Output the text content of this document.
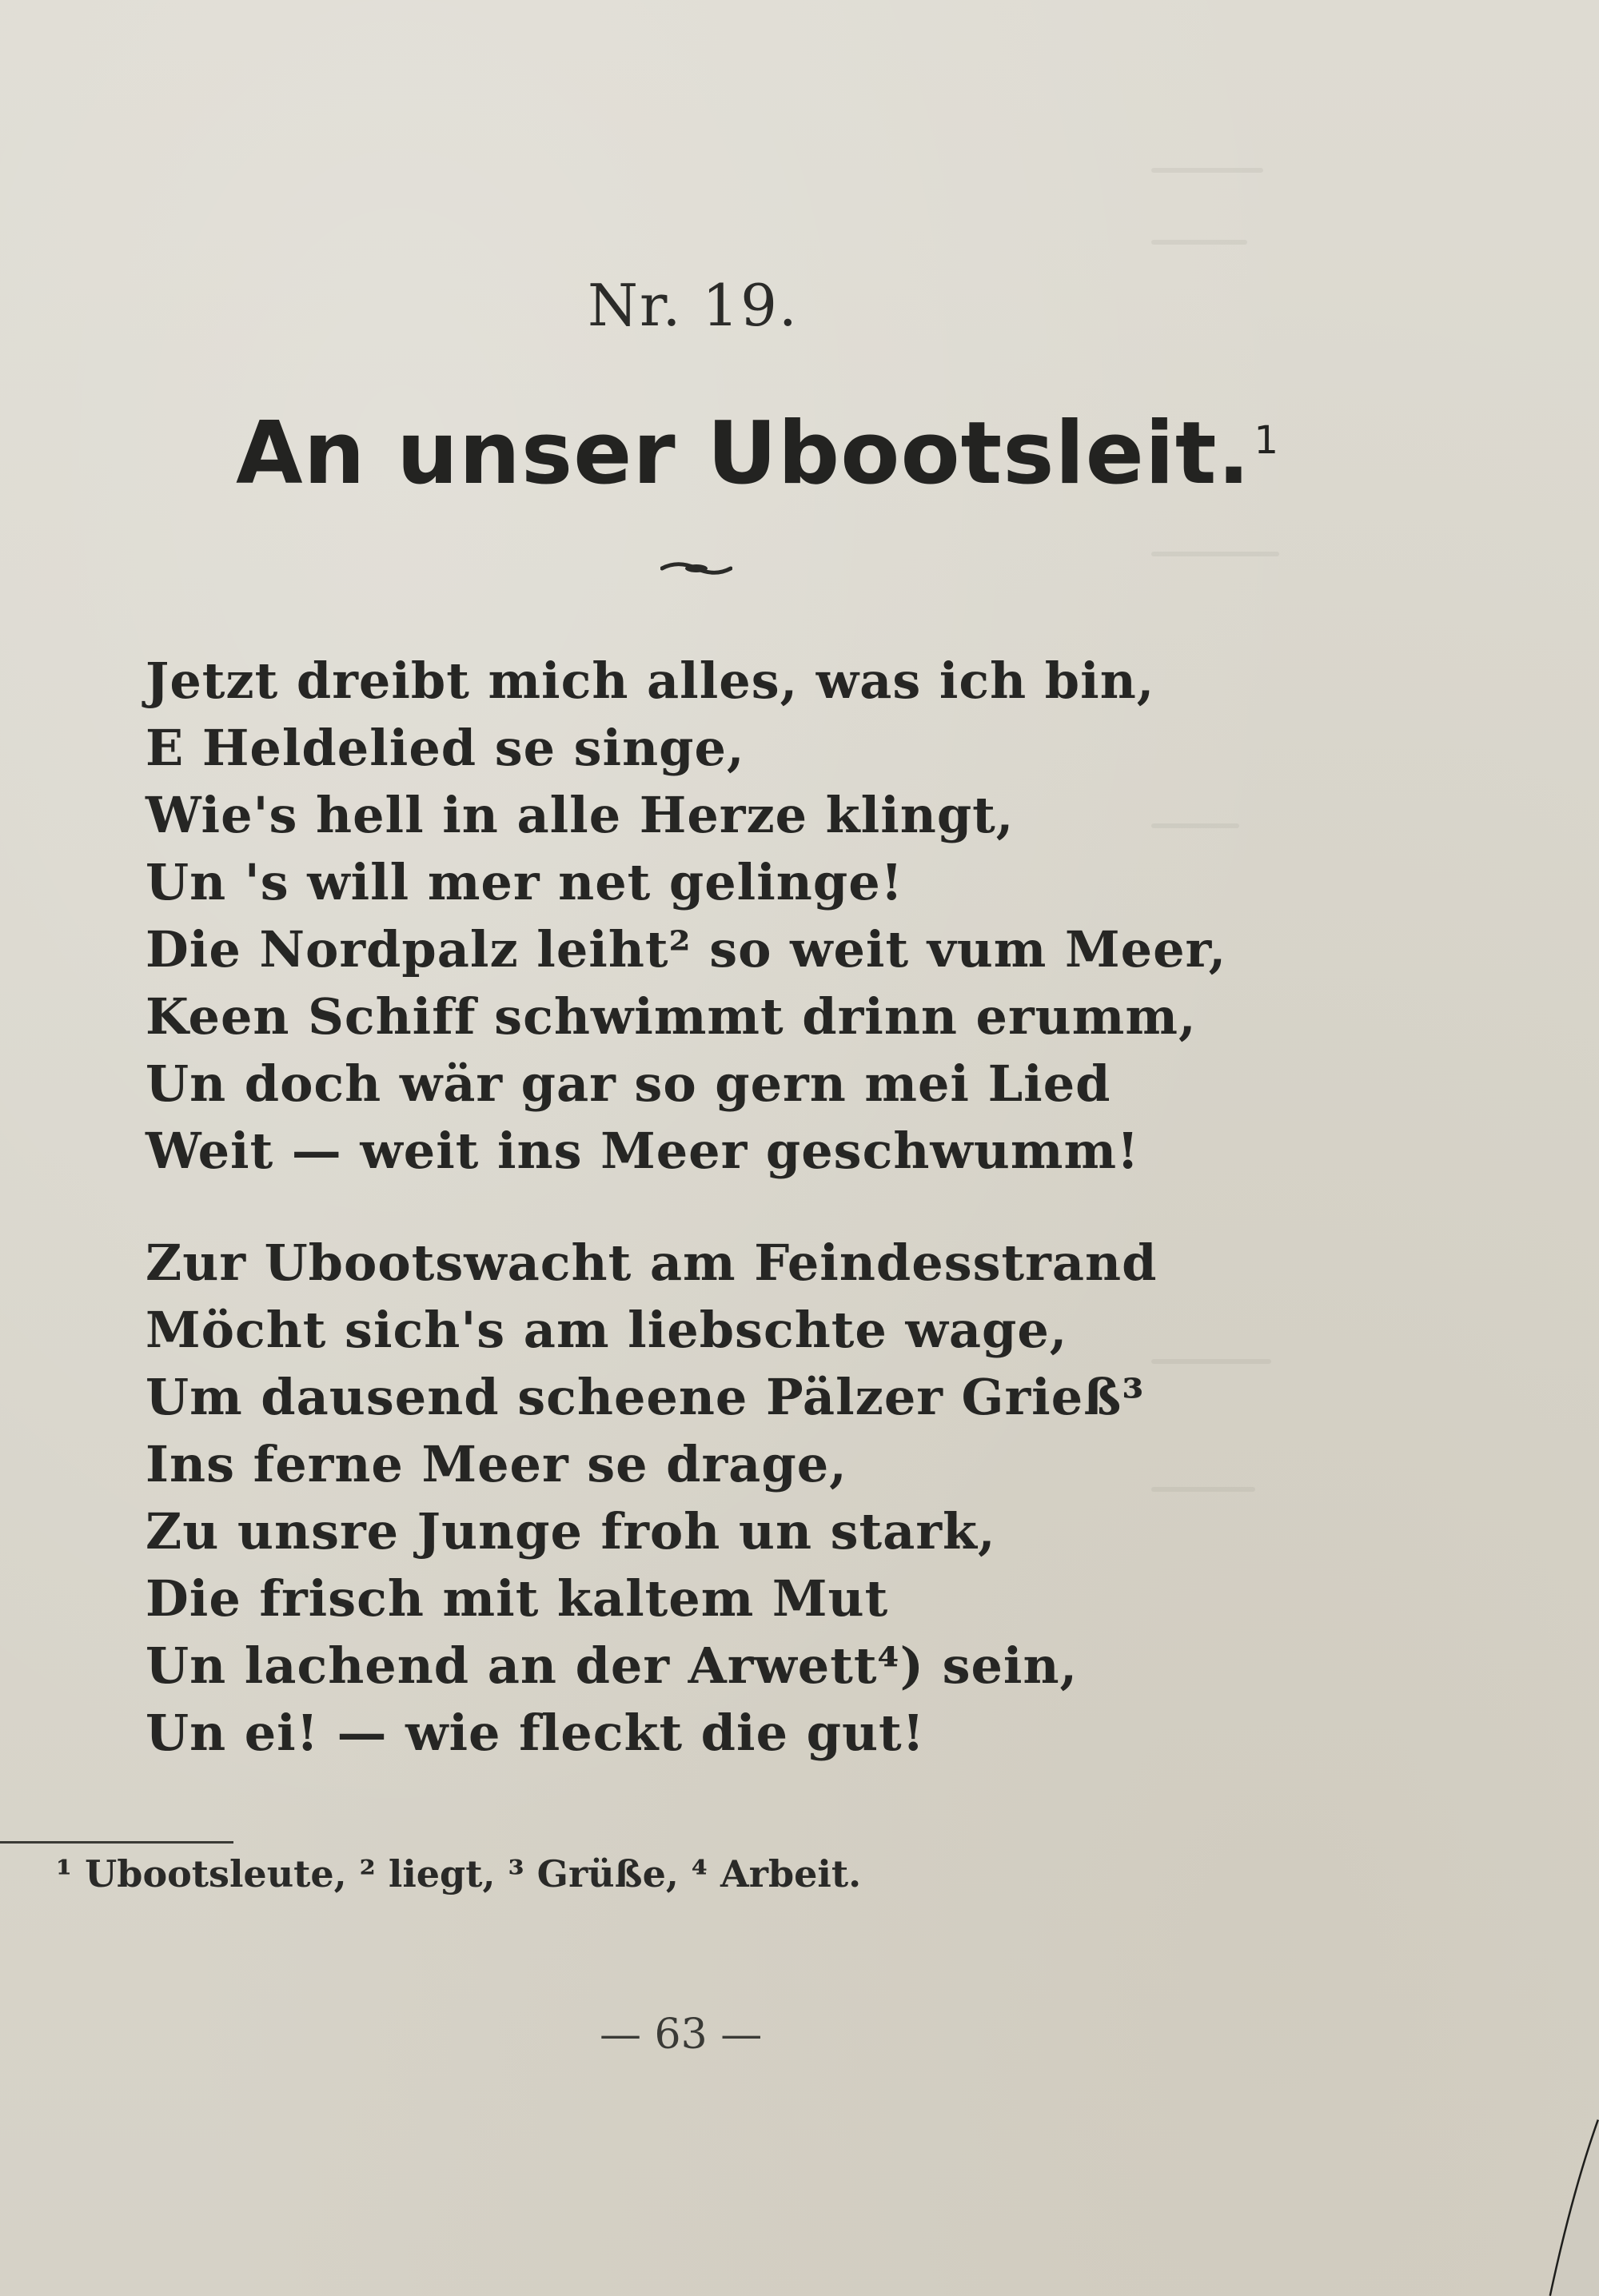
Nr. 19.
An unser Ubootsleit.$^1$
Jetzt dreibt mich alles, was ich bin,
E Heldelied se singe,
Wie's hell in alle Herze klingt,
Un 's will mer net gelinge!
Die Nordpalz leiht² so weit vum Meer,
Keen Schiff schwimmt drinn erumm,
Un doch wär gar so gern mei Lied
Weit — weit ins Meer geschwumm!
Zur Ubootswacht am Feindesstrand
Möcht sich's am liebschte wage,
Um dausend scheene Pälzer Grieß³
Ins ferne Meer se drage,
Zu unsre Junge froh un stark,
Die frisch mit kaltem Mut
Un lachend an der Arwett⁴) sein,
Un ei! — wie fleckt die gut!
¹ Ubootsleute, ² liegt, ³ Grüße, ⁴ Arbeit.
— 63 —
